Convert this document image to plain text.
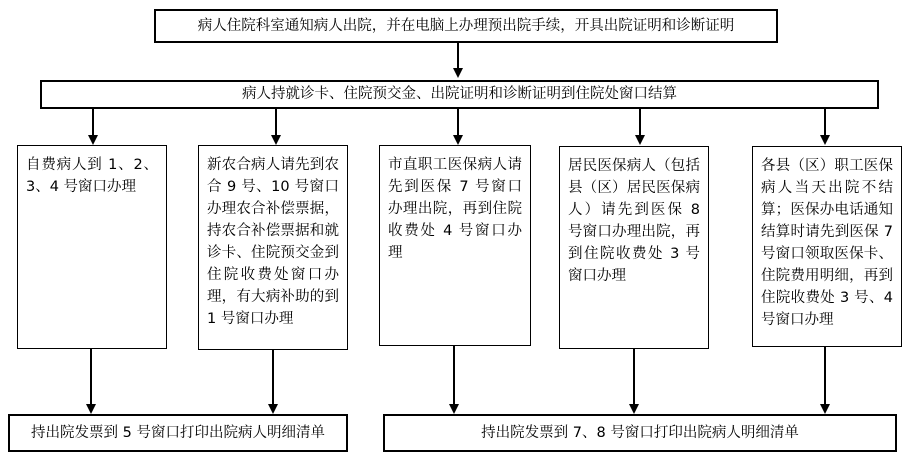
病人住院科室通知病人出院，并在电脑上办理预出院手续，开具出院证明和诊断证明
病人持就诊卡、住院预交金、出院证明和诊断证明到住院处窗口结算
自费病人到 1、2、3、4 号窗口办理
新农合病人请先到农合 9 号、10 号窗口办理农合补偿票据，持农合补偿票据和就诊卡、住院预交金到住院收费处窗口办理，有大病补助的到 1 号窗口办理
市直职工医保病人请先到医保 7 号窗口办理出院，再到住院收费处 4 号窗口办理
居民医保病人（包括县（区）居民医保病人）请先到医保 8 号窗口办理出院，再到住院收费处 3 号窗口办理
各县（区）职工医保病人当天出院不结算；医保办电话通知结算时请先到医保 7 号窗口领取医保卡、住院费用明细，再到住院收费处 3 号、4 号窗口办理
持出院发票到 5 号窗口打印出院病人明细清单	持出院发票到 7、8 号窗口打印出院病人明细清单
